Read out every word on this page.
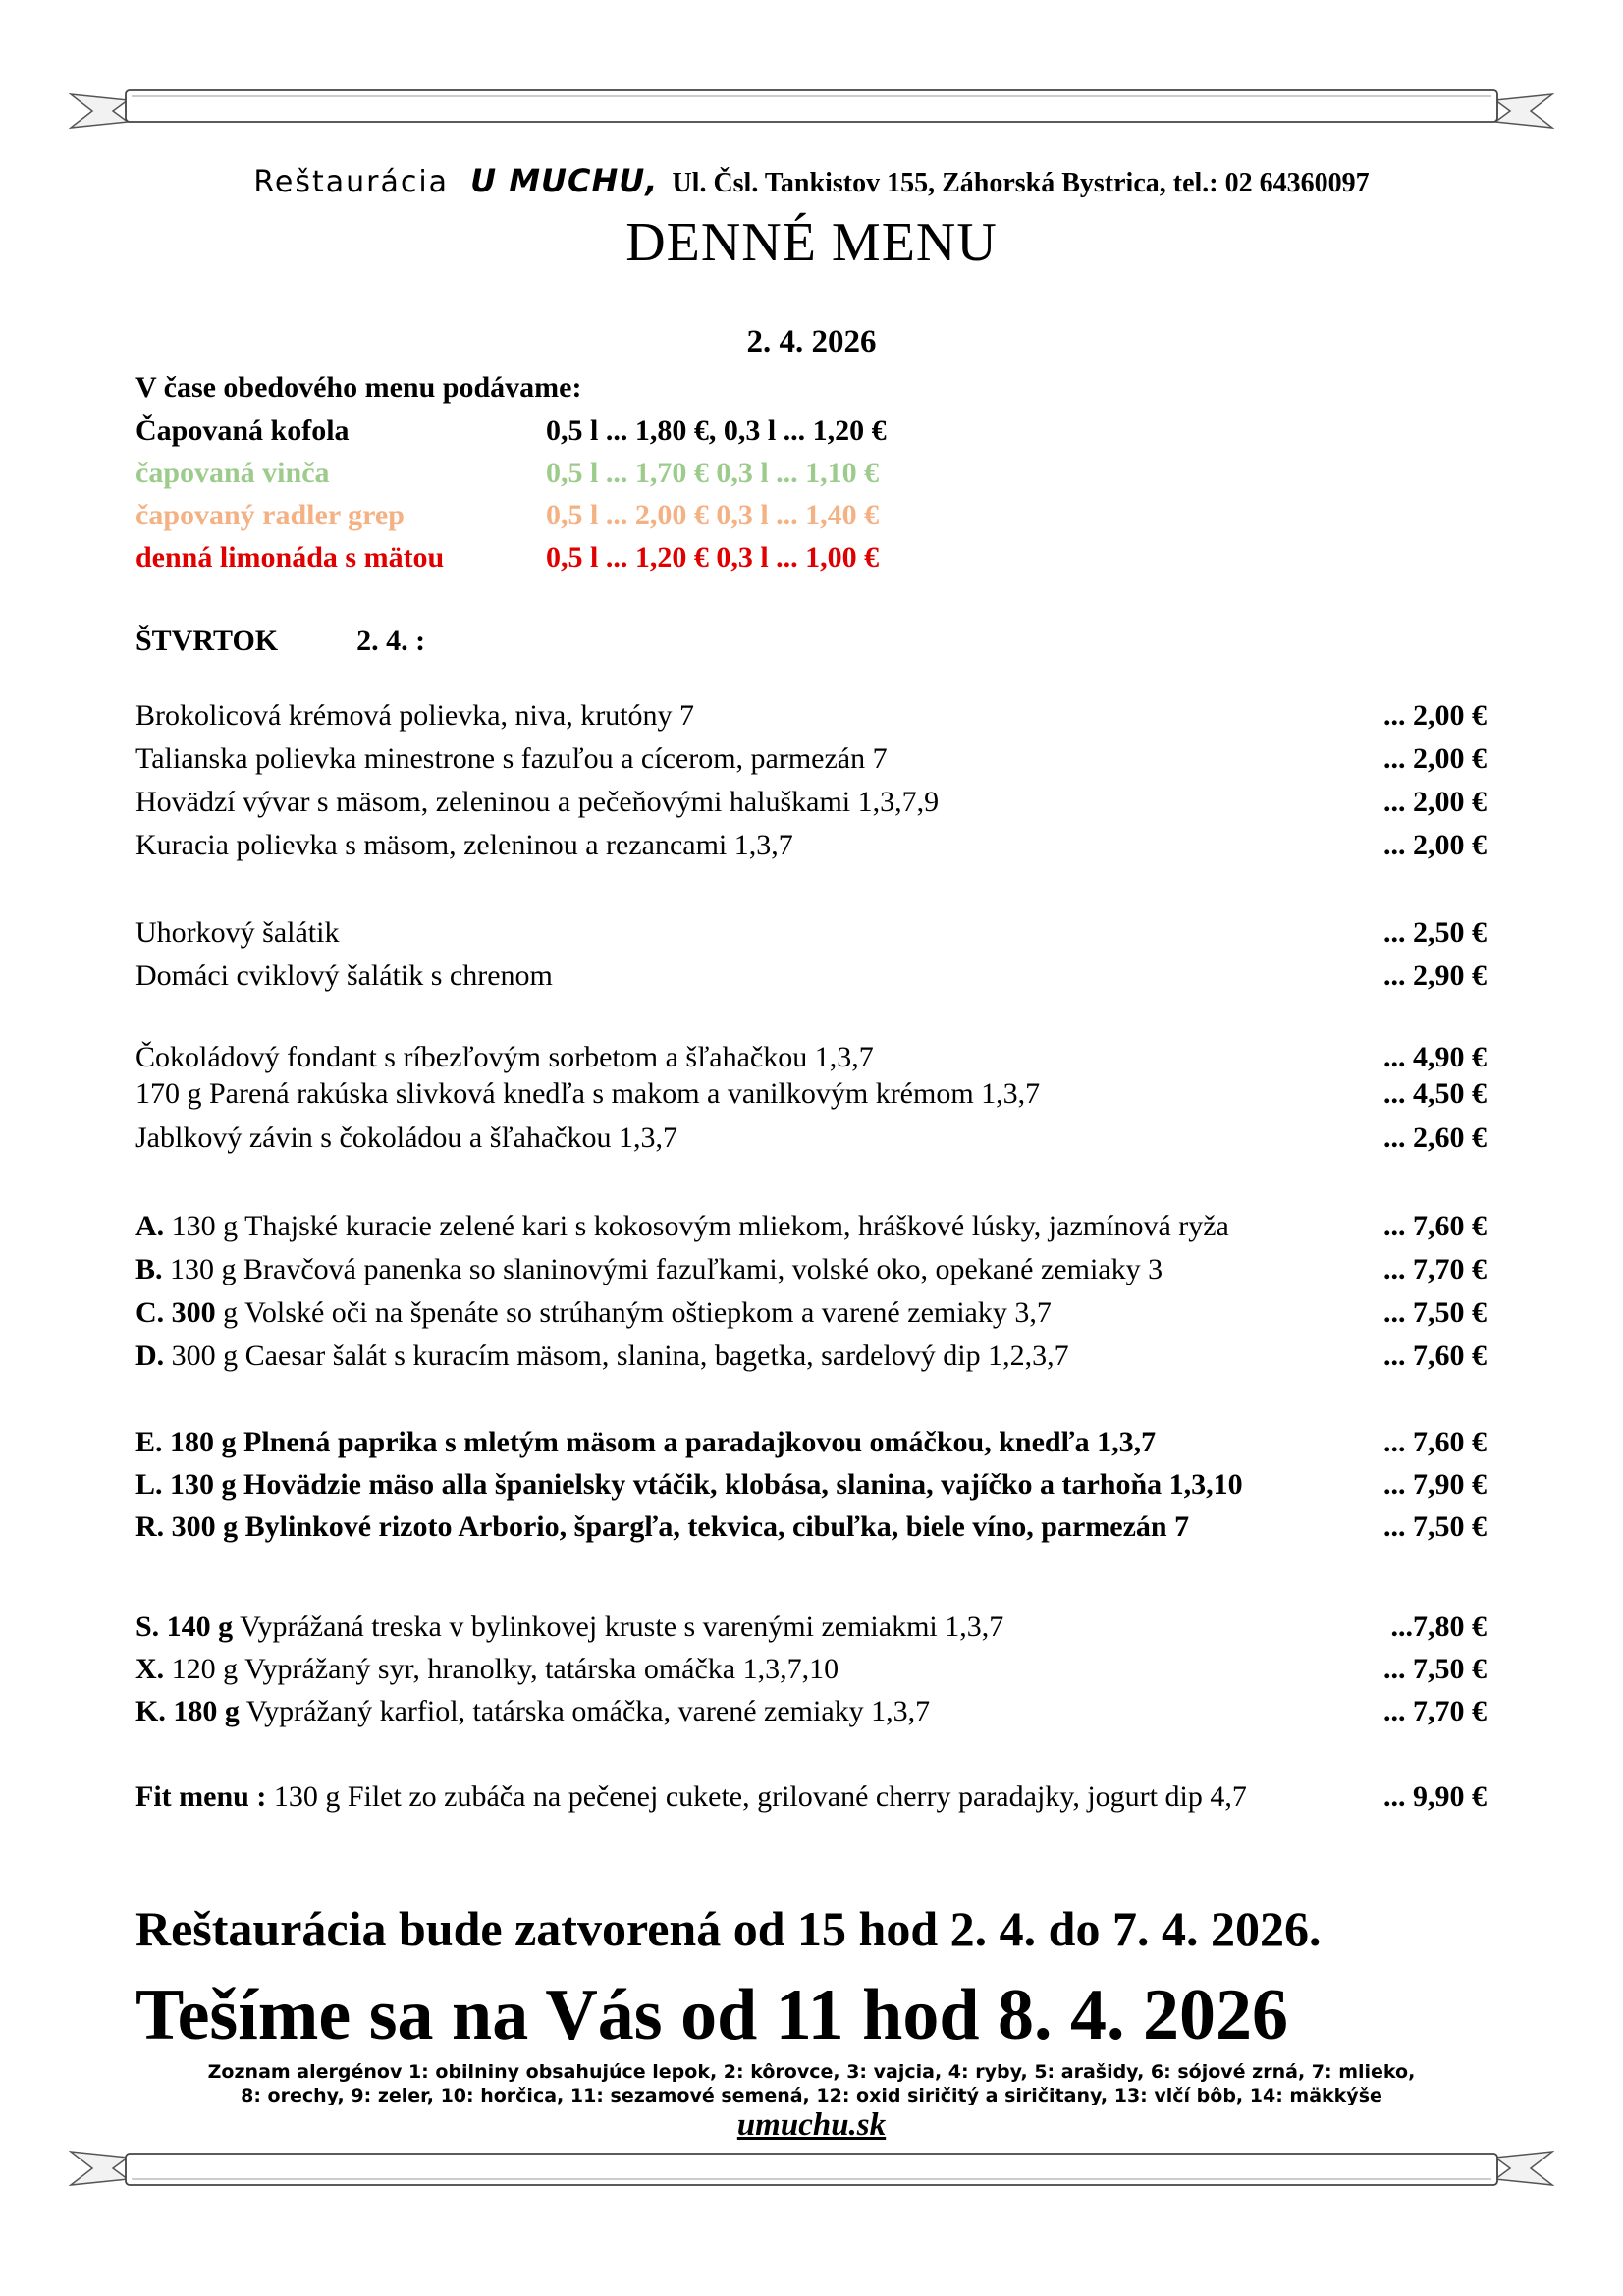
Reštaurácia U MUCHU, Ul. Čsl. Tankistov 155, Záhorská Bystrica, tel.: 02 64360097
DENNÉ MENU
2. 4. 2026
V čase obedového menu podávame:
Čapovaná kofola	0,5 l ... 1,80 €, 0,3 l ... 1,20 €
čapovaná vinča	0,5 l ... 1,70 € 0,3 l ... 1,10 €
čapovaný radler grep	0,5 l ... 2,00 € 0,3 l ... 1,40 €
denná limonáda s mätou	0,5 l ... 1,20 € 0,3 l ... 1,00 €
ŠTVRTOK	2. 4. :
Brokolicová krémová polievka, niva, krutóny 7	... 2,00 €
Talianska polievka minestrone s fazuľou a cícerom, parmezán 7	... 2,00 €
Hovädzí vývar s mäsom, zeleninou a pečeňovými haluškami 1,3,7,9	... 2,00 €
Kuracia polievka s mäsom, zeleninou a rezancami 1,3,7	... 2,00 €
Uhorkový šalátik	... 2,50 €
Domáci cviklový šalátik s chrenom	... 2,90 €
Čokoládový fondant s ríbezľovým sorbetom a šľahačkou 1,3,7	... 4,90 €
170 g Parená rakúska slivková knedľa s makom a vanilkovým krémom 1,3,7	... 4,50 €
Jablkový závin s čokoládou a šľahačkou 1,3,7	... 2,60 €
A. 130 g Thajské kuracie zelené kari s kokosovým mliekom, hráškové lúsky, jazmínová ryža	... 7,60 €
B. 130 g Bravčová panenka so slaninovými fazuľkami, volské oko, opekané zemiaky 3	... 7,70 €
C. 300 g Volské oči na špenáte so strúhaným oštiepkom a varené zemiaky 3,7	... 7,50 €
D. 300 g Caesar šalát s kuracím mäsom, slanina, bagetka, sardelový dip 1,2,3,7	... 7,60 €
E. 180 g Plnená paprika s mletým mäsom a paradajkovou omáčkou, knedľa 1,3,7	... 7,60 €
L. 130 g Hovädzie mäso alla španielsky vtáčik, klobása, slanina, vajíčko a tarhoňa 1,3,10	... 7,90 €
R. 300 g Bylinkové rizoto Arborio, špargľa, tekvica, cibuľka, biele víno, parmezán 7	... 7,50 €
S. 140 g Vyprážaná treska v bylinkovej kruste s varenými zemiakmi 1,3,7	...7,80 €
X. 120 g Vyprážaný syr, hranolky, tatárska omáčka 1,3,7,10	... 7,50 €
K. 180 g Vyprážaný karfiol, tatárska omáčka, varené zemiaky 1,3,7	... 7,70 €
Fit menu : 130 g Filet zo zubáča na pečenej cukete, grilované cherry paradajky, jogurt dip 4,7	... 9,90 €
Reštaurácia bude zatvorená od 15 hod 2. 4. do 7. 4. 2026.
Tešíme sa na Vás od 11 hod 8. 4. 2026
Zoznam alergénov 1: obilniny obsahujúce lepok, 2: kôrovce, 3: vajcia, 4: ryby, 5: arašidy, 6: sójové zrná, 7: mlieko,
8: orechy, 9: zeler, 10: horčica, 11: sezamové semená, 12: oxid siričitý a siričitany, 13: vlčí bôb, 14: mäkkýše
umuchu.sk
